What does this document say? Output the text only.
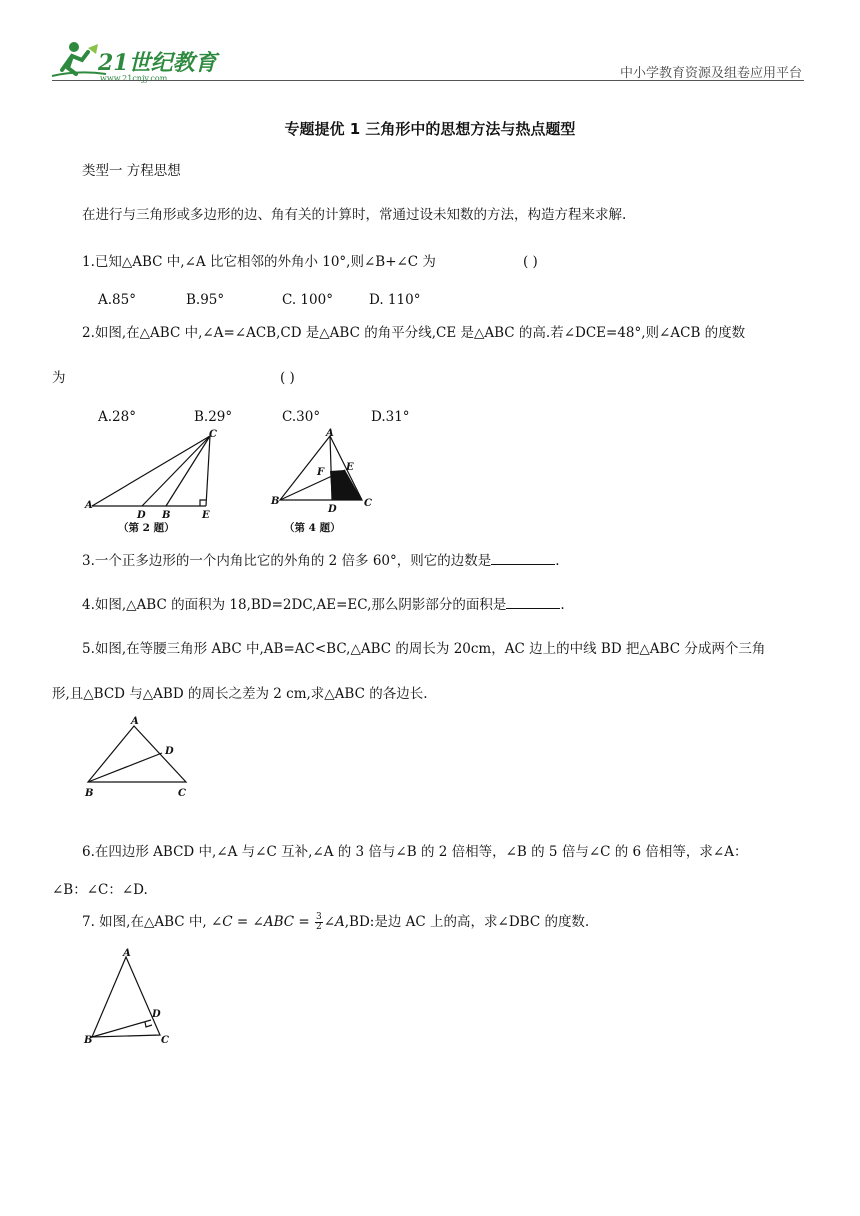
21世纪教育
www.21cnjy.com	中小学教育资源及组卷应用平台
专题提优 1 三角形中的思想方法与热点题型
类型一 方程思想
在进行与三角形或多边形的边、角有关的计算时，常通过设未知数的方法，构造方程来求解.
1.已知△ABC 中,∠A 比它相邻的外角小 10°,则∠B+∠C 为	( )
A.85°	B.95°	C. 100°	D. 110°
2.如图,在△ABC 中,∠A=∠ACB,CD 是△ABC 的角平分线,CE 是△ABC 的高.若∠DCE=48°,则∠ACB 的度数
为	( )
A.28°	B.29°	C.30°	D.31°
A
D B	E
C
（第 2 题）
A
F E
B
D
C
（第 4 题）
3.一个正多边形的一个内角比它的外角的 2 倍多 60°，则它的边数是	.
4.如图,△ABC 的面积为 18,BD=2DC,AE=EC,那么阴影部分的面积是	.
5.如图,在等腰三角形 ABC 中,AB=AC<BC,△ABC 的周长为 20cm，AC 边上的中线 BD 把△ABC 分成两个三角
形,且△BCD 与△ABD 的周长之差为 2 cm,求△ABC 的各边长.
A
D
B	C
6.在四边形 ABCD 中,∠A 与∠C 互补,∠A 的 3 倍与∠B 的 2 倍相等，∠B 的 5 倍与∠C 的 6 倍相等，求∠A：
∠B：∠C：∠D.
7. 如图,在△ABC 中, ∠C = ∠ABC = $\frac{3}{2}$ ∠A,BD:是边 AC 上的高，求∠DBC 的度数.
A
D
B	C
